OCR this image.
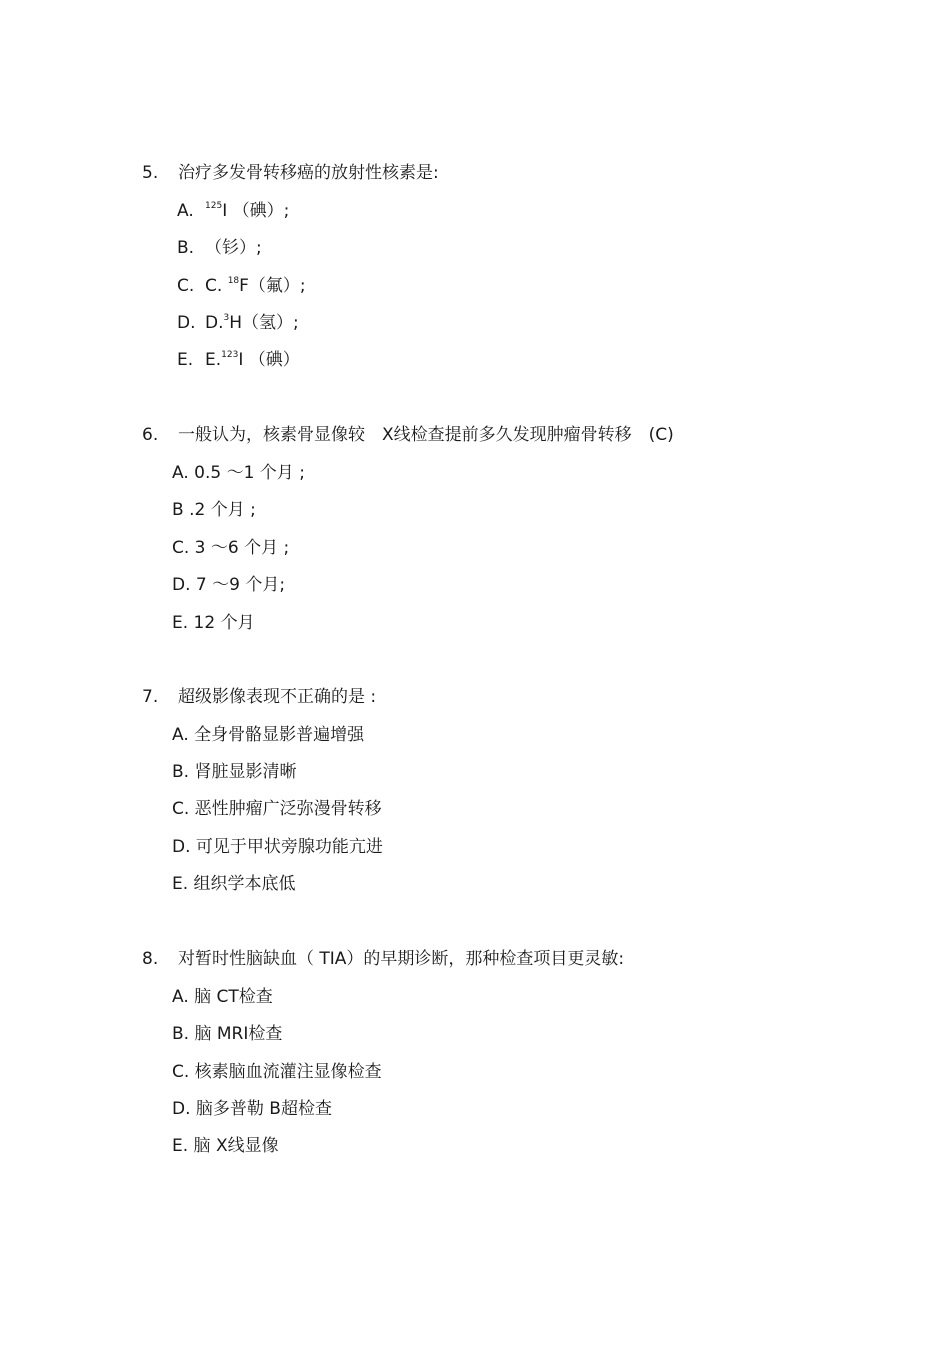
5. 治疗多发骨转移癌的放射性核素是:
A. $^{125}$I （碘）;
B. （钐）;
C. C. $^{18}$F（氟）;
D. D.$^3$H（氢）;
E. E.$^{123}$I （碘）
6. 一般认为，核素骨显像较　X线检查提前多久发现肿瘤骨转移　(C)
A. 0.5 ～1 个月 ;
B .2 个月 ;
C. 3 ～6 个月 ;
D. 7 ～9 个月;
E. 12 个月
7. 超级影像表现不正确的是 :
A. 全身骨骼显影普遍增强
B. 肾脏显影清晰
C. 恶性肿瘤广泛弥漫骨转移
D. 可见于甲状旁腺功能亢进
E. 组织学本底低
8. 对暂时性脑缺血（ TIA）的早期诊断，那种检查项目更灵敏:
A. 脑 CT检查
B. 脑 MRI检查
C. 核素脑血流灌注显像检查
D. 脑多普勒 B超检查
E. 脑 X线显像
